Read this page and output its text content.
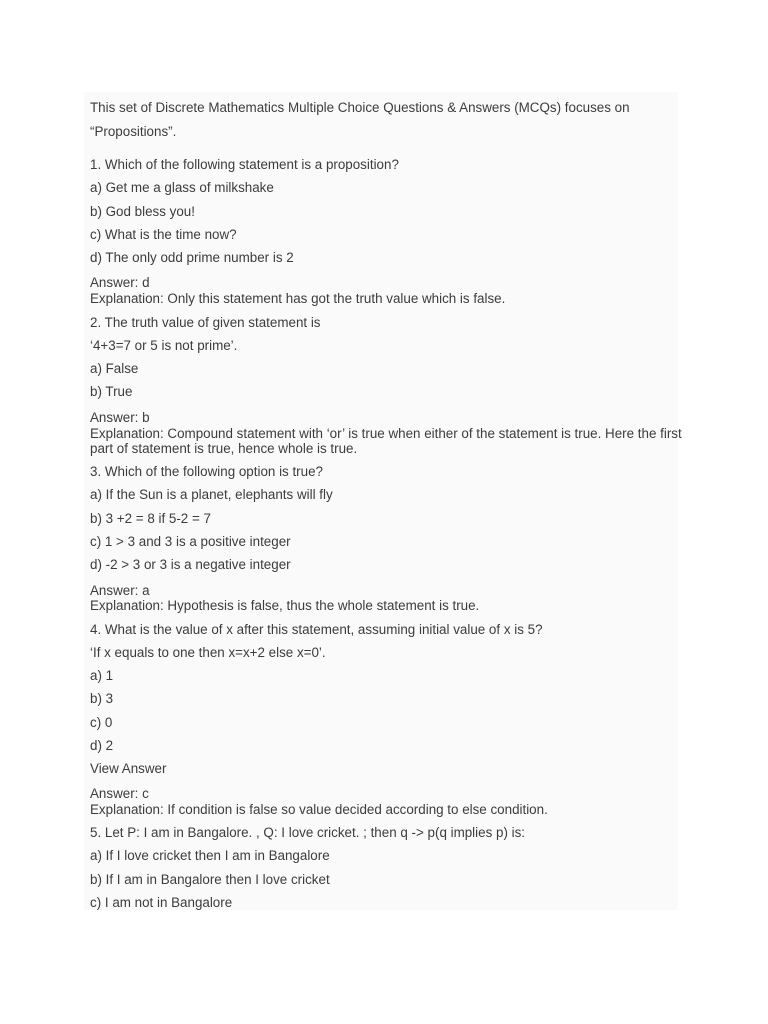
This set of Discrete Mathematics Multiple Choice Questions & Answers (MCQs) focuses on
“Propositions”.
1. Which of the following statement is a proposition?
a) Get me a glass of milkshake
b) God bless you!
c) What is the time now?
d) The only odd prime number is 2
Answer: d
Explanation: Only this statement has got the truth value which is false.
2. The truth value of given statement is
‘4+3=7 or 5 is not prime’.
a) False
b) True
Answer: b
Explanation: Compound statement with ‘or’ is true when either of the statement is true. Here the first
part of statement is true, hence whole is true.
3. Which of the following option is true?
a) If the Sun is a planet, elephants will fly
b) 3 +2 = 8 if 5-2 = 7
c) 1 > 3 and 3 is a positive integer
d) -2 > 3 or 3 is a negative integer
Answer: a
Explanation: Hypothesis is false, thus the whole statement is true.
4. What is the value of x after this statement, assuming initial value of x is 5?
‘If x equals to one then x=x+2 else x=0’.
a) 1
b) 3
c) 0
d) 2
View Answer
Answer: c
Explanation: If condition is false so value decided according to else condition.
5. Let P: I am in Bangalore. , Q: I love cricket. ; then q -> p(q implies p) is:
a) If I love cricket then I am in Bangalore
b) If I am in Bangalore then I love cricket
c) I am not in Bangalore
